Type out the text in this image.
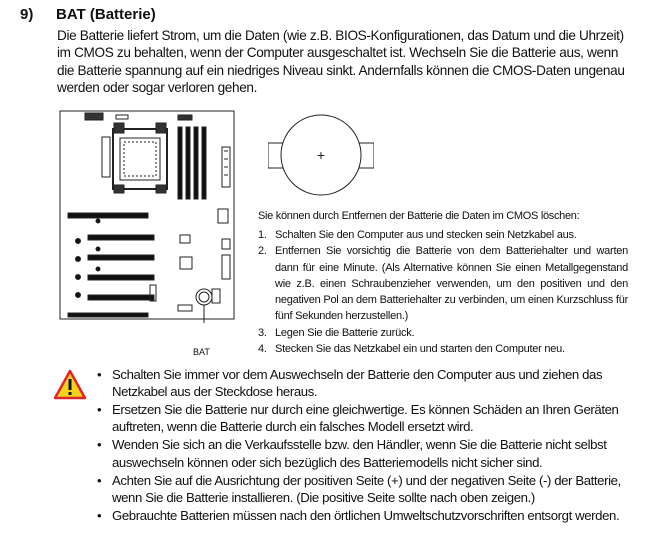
9) BAT (Batterie)
Die Batterie liefert Strom, um die Daten (wie z.B. BIOS-Konfigurationen, das Datum und die Uhrzeit) im CMOS zu behalten, wenn der Computer ausgeschaltet ist. Wechseln Sie die Batterie aus, wenn die Batterie spannung auf ein niedriges Niveau sinkt. Andernfalls können die CMOS-Daten ungenau werden oder sogar verloren gehen.
BAT
+
Sie können durch Entfernen der Batterie die Daten im CMOS löschen:
1. Schalten Sie den Computer aus und stecken sein Netzkabel aus.
2. Entfernen Sie vorsichtig die Batterie von dem Batteriehalter und warten dann für eine Minute. (Als Alternative können Sie einen Metallgegenstand wie z.B. einen Schraubenzieher verwenden, um den positiven und den negativen Pol an dem Batteriehalter zu verbinden, um einen Kurzschluss für fünf Sekunden herzustellen.)
3. Legen Sie die Batterie zurück.
4. Stecken Sie das Netzkabel ein und starten den Computer neu.
• Schalten Sie immer vor dem Auswechseln der Batterie den Computer aus und ziehen das Netzkabel aus der Steckdose heraus.
• Ersetzen Sie die Batterie nur durch eine gleichwertige. Es können Schäden an Ihren Geräten auftreten, wenn die Batterie durch ein falsches Modell ersetzt wird.
• Wenden Sie sich an die Verkaufsstelle bzw. den Händler, wenn Sie die Batterie nicht selbst auswechseln können oder sich bezüglich des Batteriemodells nicht sicher sind.
• Achten Sie auf die Ausrichtung der positiven Seite (+) und der negativen Seite (-) der Batterie, wenn Sie die Batterie installieren. (Die positive Seite sollte nach oben zeigen.)
• Gebrauchte Batterien müssen nach den örtlichen Umweltschutzvorschriften entsorgt werden.
